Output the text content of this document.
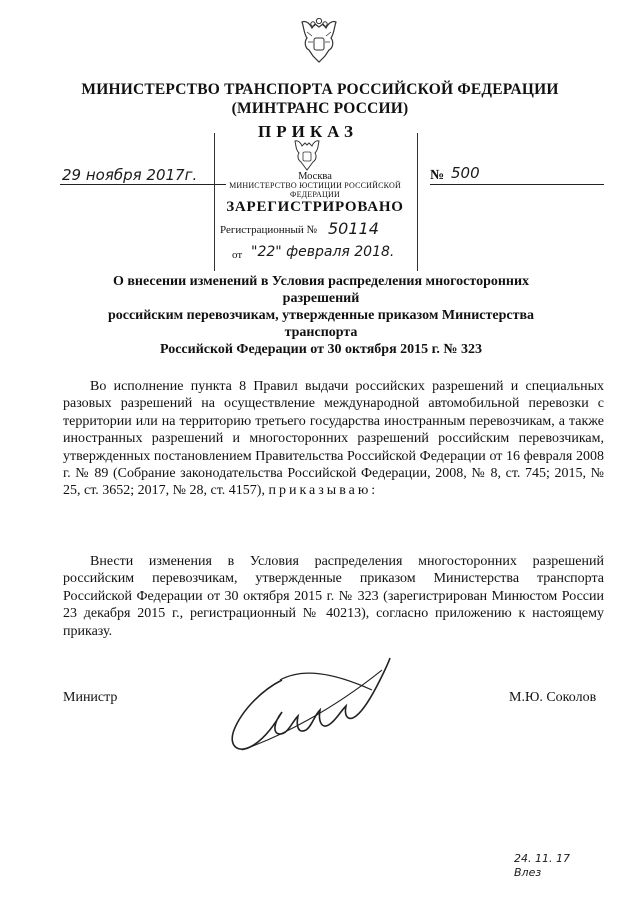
МИНИСТЕРСТВО ТРАНСПОРТА РОССИЙСКОЙ ФЕДЕРАЦИИ
(МИНТРАНС РОССИИ)
ПРИКАЗ
29 ноября 2017г.	№ 500
Москва
МИНИСТЕРСТВО ЮСТИЦИИ РОССИЙСКОЙ ФЕДЕРАЦИИ
ЗАРЕГИСТРИРОВАНО
Регистрационный № 50114
от "22" февраля 2018.
О внесении изменений в Условия распределения многосторонних разрешений
российским перевозчикам, утвержденные приказом Министерства транспорта
Российской Федерации от 30 октября 2015 г. № 323
Во исполнение пункта 8 Правил выдачи российских разрешений и специальных разовых разрешений на осуществление международной автомобильной перевозки с территории или на территорию третьего государства иностранным перевозчикам, а также иностранных разрешений и многосторонних разрешений российским перевозчикам, утвержденных постановлением Правительства Российской Федерации от 16 февраля 2008 г. № 89 (Собрание законодательства Российской Федерации, 2008, № 8, ст. 745; 2015, № 25, ст. 3652; 2017, № 28, ст. 4157), приказываю:
Внести изменения в Условия распределения многосторонних разрешений российским перевозчикам, утвержденные приказом Министерства транспорта Российской Федерации от 30 октября 2015 г. № 323 (зарегистрирован Минюстом России 23 декабря 2015 г., регистрационный № 40213), согласно приложению к настоящему приказу.
Министр	М.Ю. Соколов
24. 11. 17
Влез
